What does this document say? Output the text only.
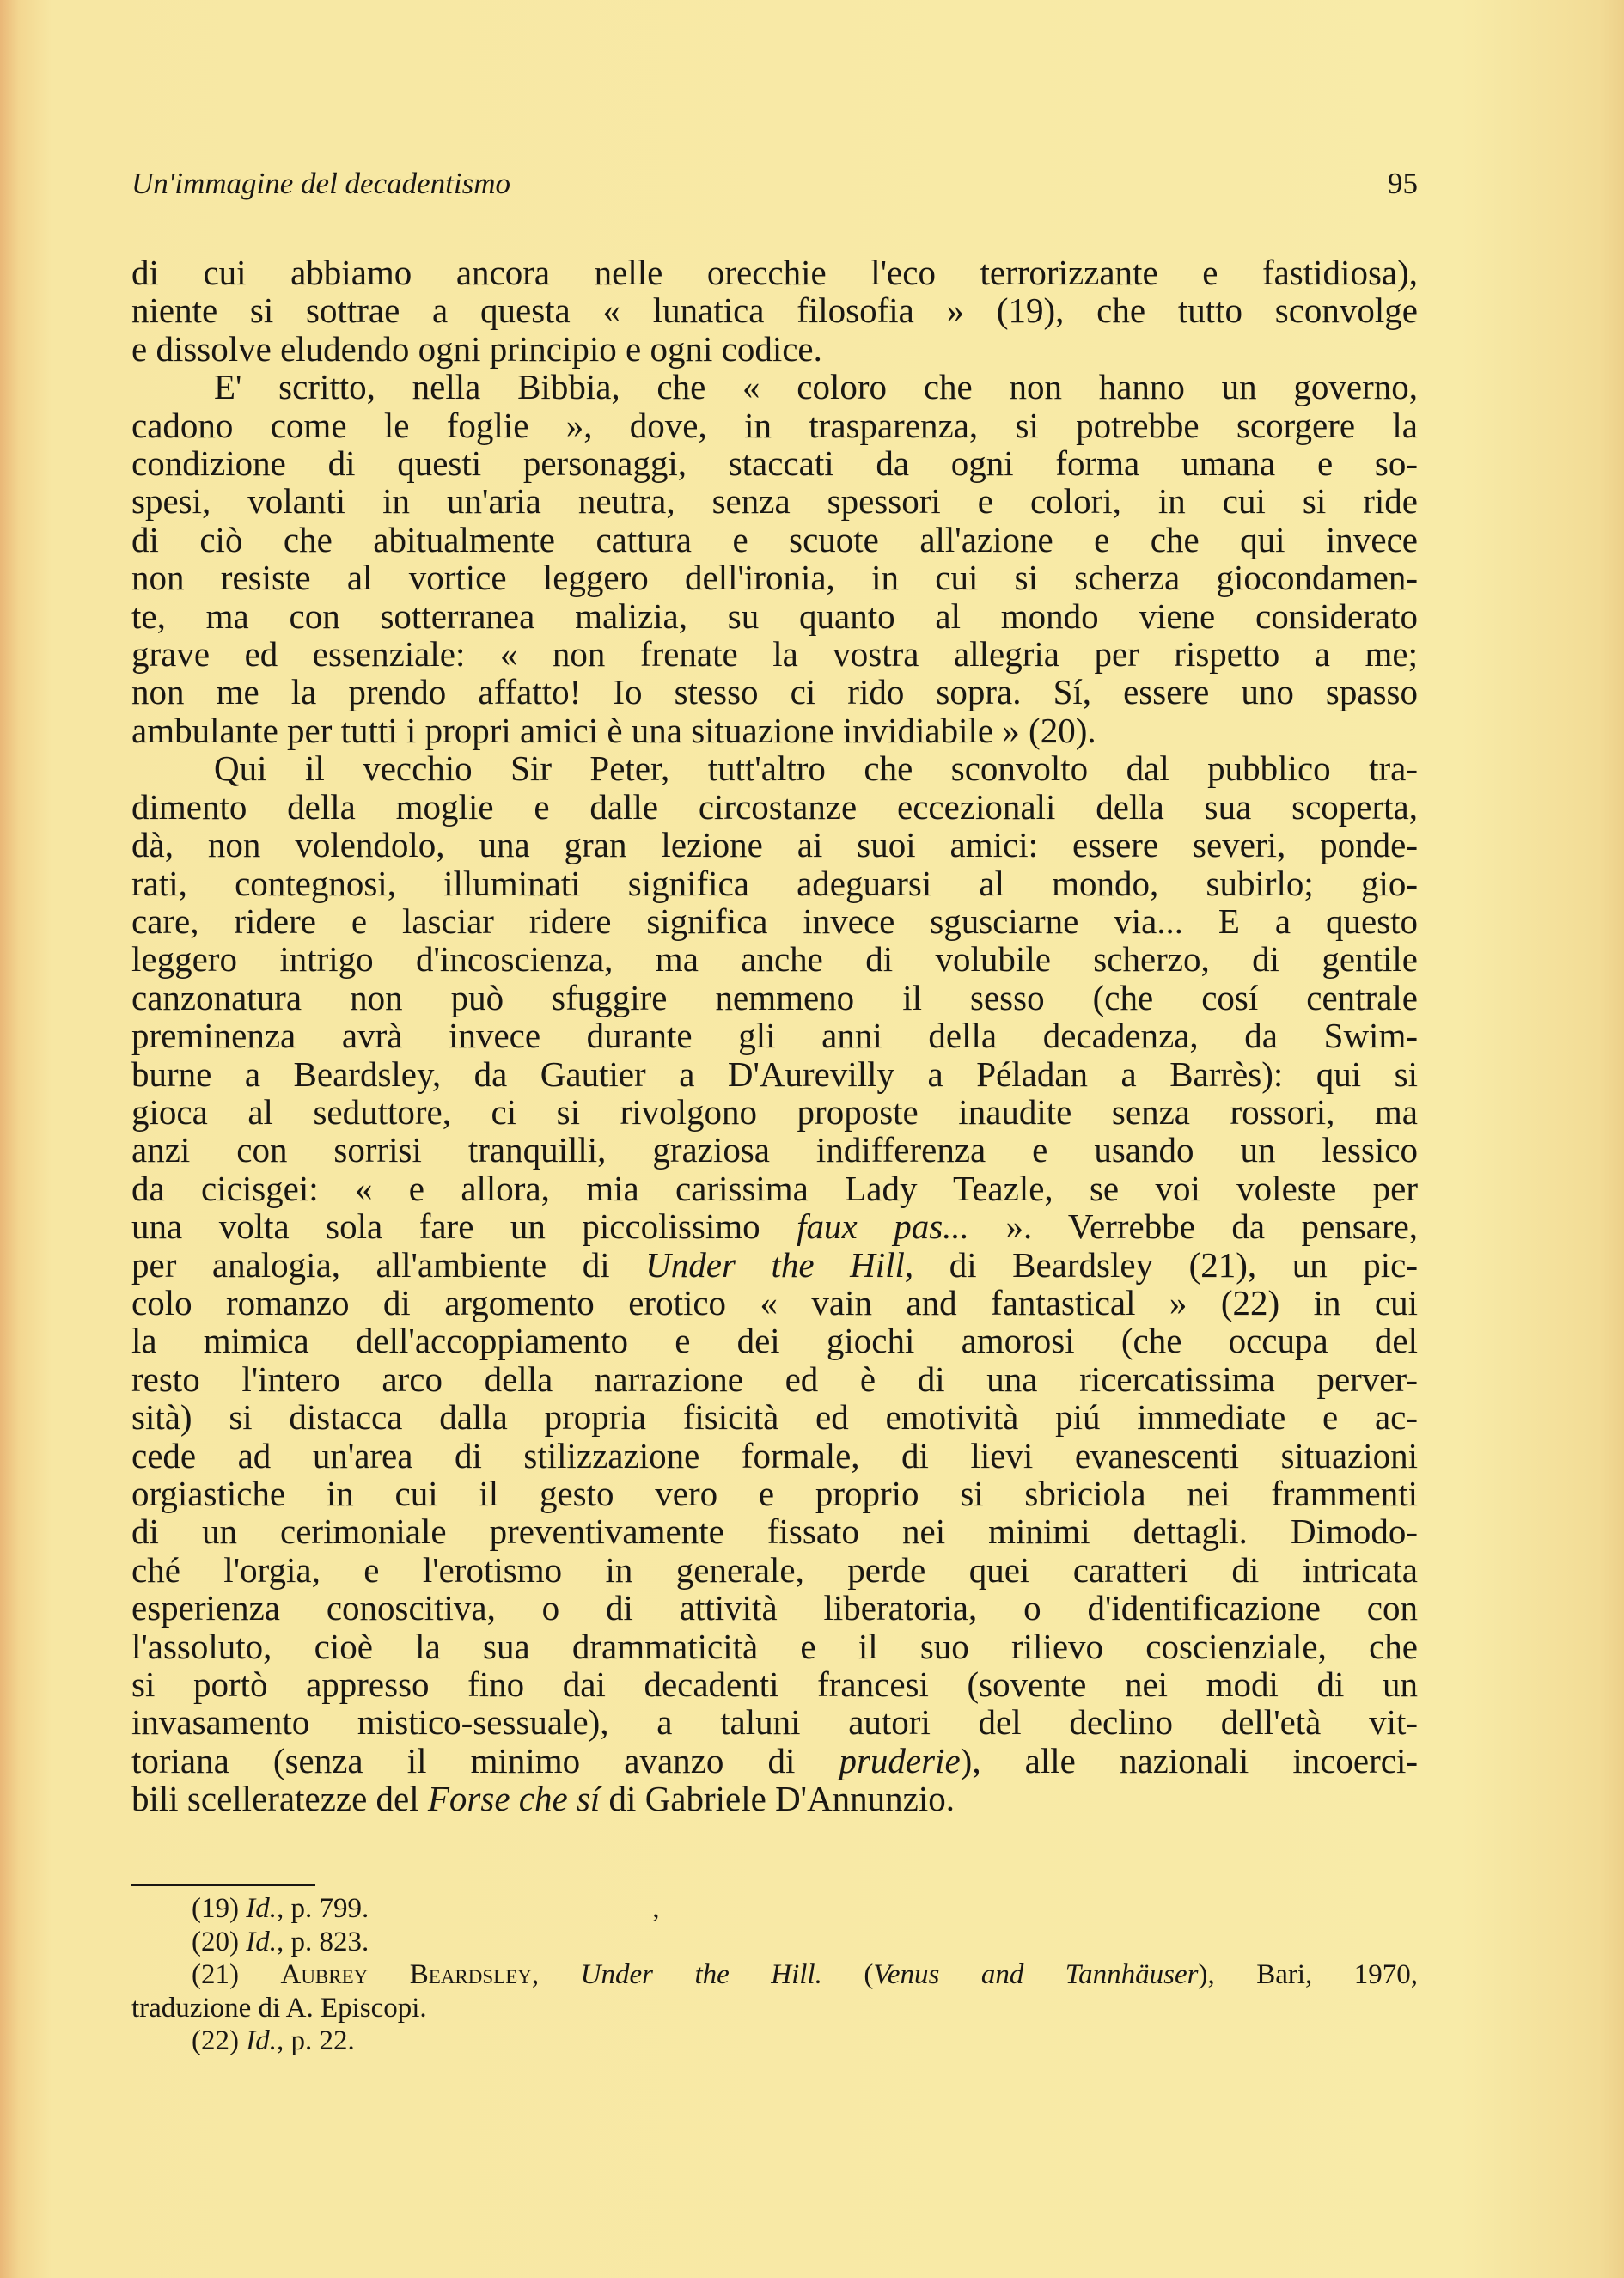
Un'immagine del decadentismo	95
di cui abbiamo ancora nelle orecchie l'eco terrorizzante e fastidiosa),
niente si sottrae a questa « lunatica filosofia » (19), che tutto sconvolge
e dissolve eludendo ogni principio e ogni codice.
E' scritto, nella Bibbia, che « coloro che non hanno un governo,
cadono come le foglie », dove, in trasparenza, si potrebbe scorgere la
condizione di questi personaggi, staccati da ogni forma umana e so-
spesi, volanti in un'aria neutra, senza spessori e colori, in cui si ride
di ciò che abitualmente cattura e scuote all'azione e che qui invece
non resiste al vortice leggero dell'ironia, in cui si scherza giocondamen-
te, ma con sotterranea malizia, su quanto al mondo viene considerato
grave ed essenziale: « non frenate la vostra allegria per rispetto a me;
non me la prendo affatto! Io stesso ci rido sopra. Sí, essere uno spasso
ambulante per tutti i propri amici è una situazione invidiabile » (20).
Qui il vecchio Sir Peter, tutt'altro che sconvolto dal pubblico tra-
dimento della moglie e dalle circostanze eccezionali della sua scoperta,
dà, non volendolo, una gran lezione ai suoi amici: essere severi, ponde-
rati, contegnosi, illuminati significa adeguarsi al mondo, subirlo; gio-
care, ridere e lasciar ridere significa invece sgusciarne via... E a questo
leggero intrigo d'incoscienza, ma anche di volubile scherzo, di gentile
canzonatura non può sfuggire nemmeno il sesso (che cosí centrale
preminenza avrà invece durante gli anni della decadenza, da Swim-
burne a Beardsley, da Gautier a D'Aurevilly a Péladan a Barrès): qui si
gioca al seduttore, ci si rivolgono proposte inaudite senza rossori, ma
anzi con sorrisi tranquilli, graziosa indifferenza e usando un lessico
da cicisgei: « e allora, mia carissima Lady Teazle, se voi voleste per
una volta sola fare un piccolissimo faux pas... ». Verrebbe da pensare,
per analogia, all'ambiente di Under the Hill, di Beardsley (21), un pic-
colo romanzo di argomento erotico « vain and fantastical » (22) in cui
la mimica dell'accoppiamento e dei giochi amorosi (che occupa del
resto l'intero arco della narrazione ed è di una ricercatissima perver-
sità) si distacca dalla propria fisicità ed emotività piú immediate e ac-
cede ad un'area di stilizzazione formale, di lievi evanescenti situazioni
orgiastiche in cui il gesto vero e proprio si sbriciola nei frammenti
di un cerimoniale preventivamente fissato nei minimi dettagli. Dimodo-
ché l'orgia, e l'erotismo in generale, perde quei caratteri di intricata
esperienza conoscitiva, o di attività liberatoria, o d'identificazione con
l'assoluto, cioè la sua drammaticità e il suo rilievo coscienziale, che
si portò appresso fino dai decadenti francesi (sovente nei modi di un
invasamento mistico-sessuale), a taluni autori del declino dell'età vit-
toriana (senza il minimo avanzo di pruderie), alle nazionali incoerci-
bili scelleratezze del Forse che sí di Gabriele D'Annunzio.
(19) Id., p. 799.	,
(20) Id., p. 823.
(21) Aubrey Beardsley, Under the Hill. (Venus and Tannhäuser), Bari, 1970,
traduzione di A. Episcopi.
(22) Id., p. 22.
